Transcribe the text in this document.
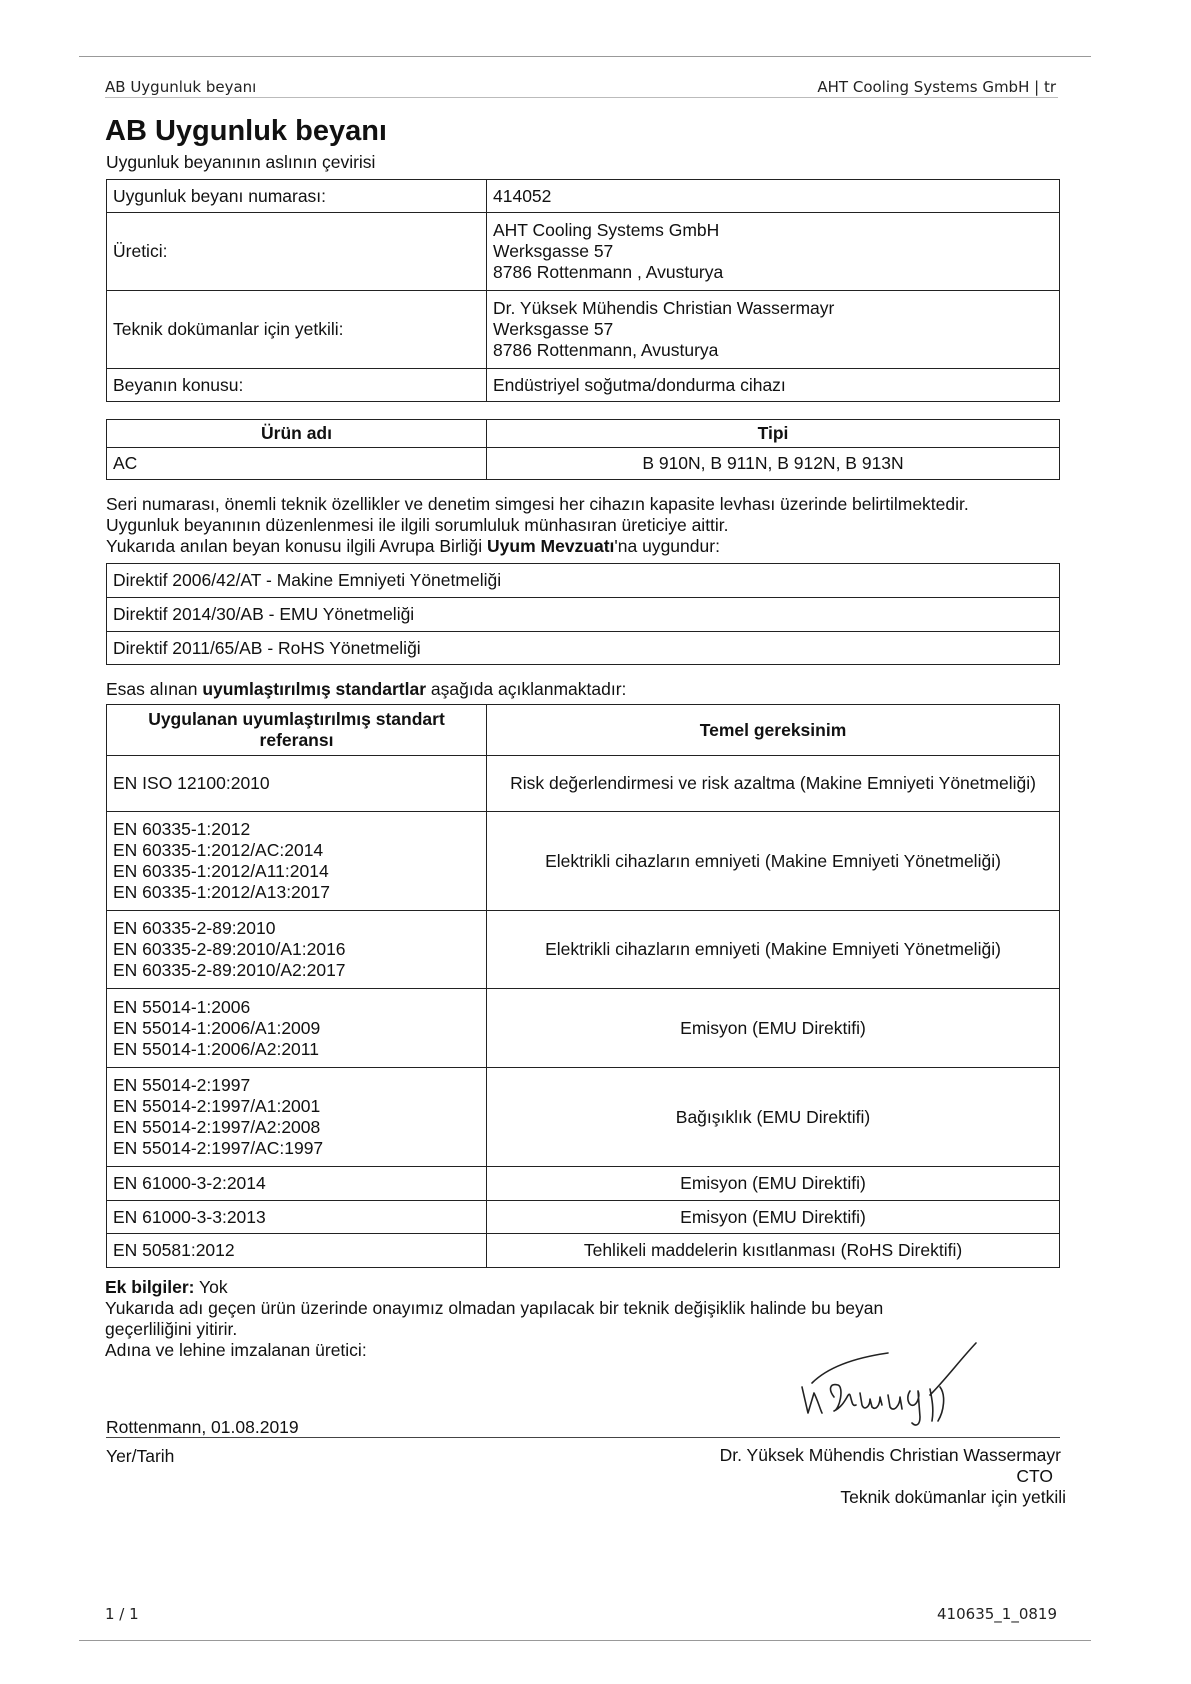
AB Uygunluk beyanı	AHT Cooling Systems GmbH | tr
AB Uygunluk beyanı
Uygunluk beyanının aslının çevirisi
Uygunluk beyanı numarası:	414052

Üretici:	AHT Cooling Systems GmbH
Werksgasse 57
8786 Rottenmann , Avusturya

Teknik dokümanlar için yetkili:	Dr. Yüksek Mühendis Christian Wassermayr
Werksgasse 57
8786 Rottenmann, Avusturya

Beyanın konusu:	Endüstriyel soğutma/dondurma cihazı
Ürün adı	Tipi
AC	B 910N, B 911N, B 912N, B 913N
Seri numarası, önemli teknik özellikler ve denetim simgesi her cihazın kapasite levhası üzerinde belirtilmektedir.
Uygunluk beyanının düzenlenmesi ile ilgili sorumluluk münhasıran üreticiye aittir.
Yukarıda anılan beyan konusu ilgili Avrupa Birliği Uyum Mevzuatı'na uygundur:
Direktif 2006/42/AT - Makine Emniyeti Yönetmeliği
Direktif 2014/30/AB - EMU Yönetmeliği
Direktif 2011/65/AB - RoHS Yönetmeliği
Esas alınan uyumlaştırılmış standartlar aşağıda açıklanmaktadır:
Uygulanan uyumlaştırılmış standart referansı	Temel gereksinim

EN ISO 12100:2010	Risk değerlendirmesi ve risk azaltma (Makine Emniyeti Yönetmeliği)

EN 60335-1:2012
EN 60335-1:2012/AC:2014
EN 60335-1:2012/A11:2014
EN 60335-1:2012/A13:2017	Elektrikli cihazların emniyeti (Makine Emniyeti Yönetmeliği)

EN 60335-2-89:2010
EN 60335-2-89:2010/A1:2016
EN 60335-2-89:2010/A2:2017	Elektrikli cihazların emniyeti (Makine Emniyeti Yönetmeliği)

EN 55014-1:2006
EN 55014-1:2006/A1:2009
EN 55014-1:2006/A2:2011	Emisyon (EMU Direktifi)

EN 55014-2:1997
EN 55014-2:1997/A1:2001
EN 55014-2:1997/A2:2008
EN 55014-2:1997/AC:1997	Bağışıklık (EMU Direktifi)

EN 61000-3-2:2014	Emisyon (EMU Direktifi)

EN 61000-3-3:2013	Emisyon (EMU Direktifi)

EN 50581:2012	Tehlikeli maddelerin kısıtlanması (RoHS Direktifi)
Ek bilgiler: Yok
Yukarıda adı geçen ürün üzerinde onayımız olmadan yapılacak bir teknik değişiklik halinde bu beyan
geçerliliğini yitirir.
Adına ve lehine imzalanan üretici:
Rottenmann, 01.08.2019
Yer/Tarih	Dr. Yüksek Mühendis Christian Wassermayr
CTO
Teknik dokümanlar için yetkili
1 / 1	410635_1_0819
